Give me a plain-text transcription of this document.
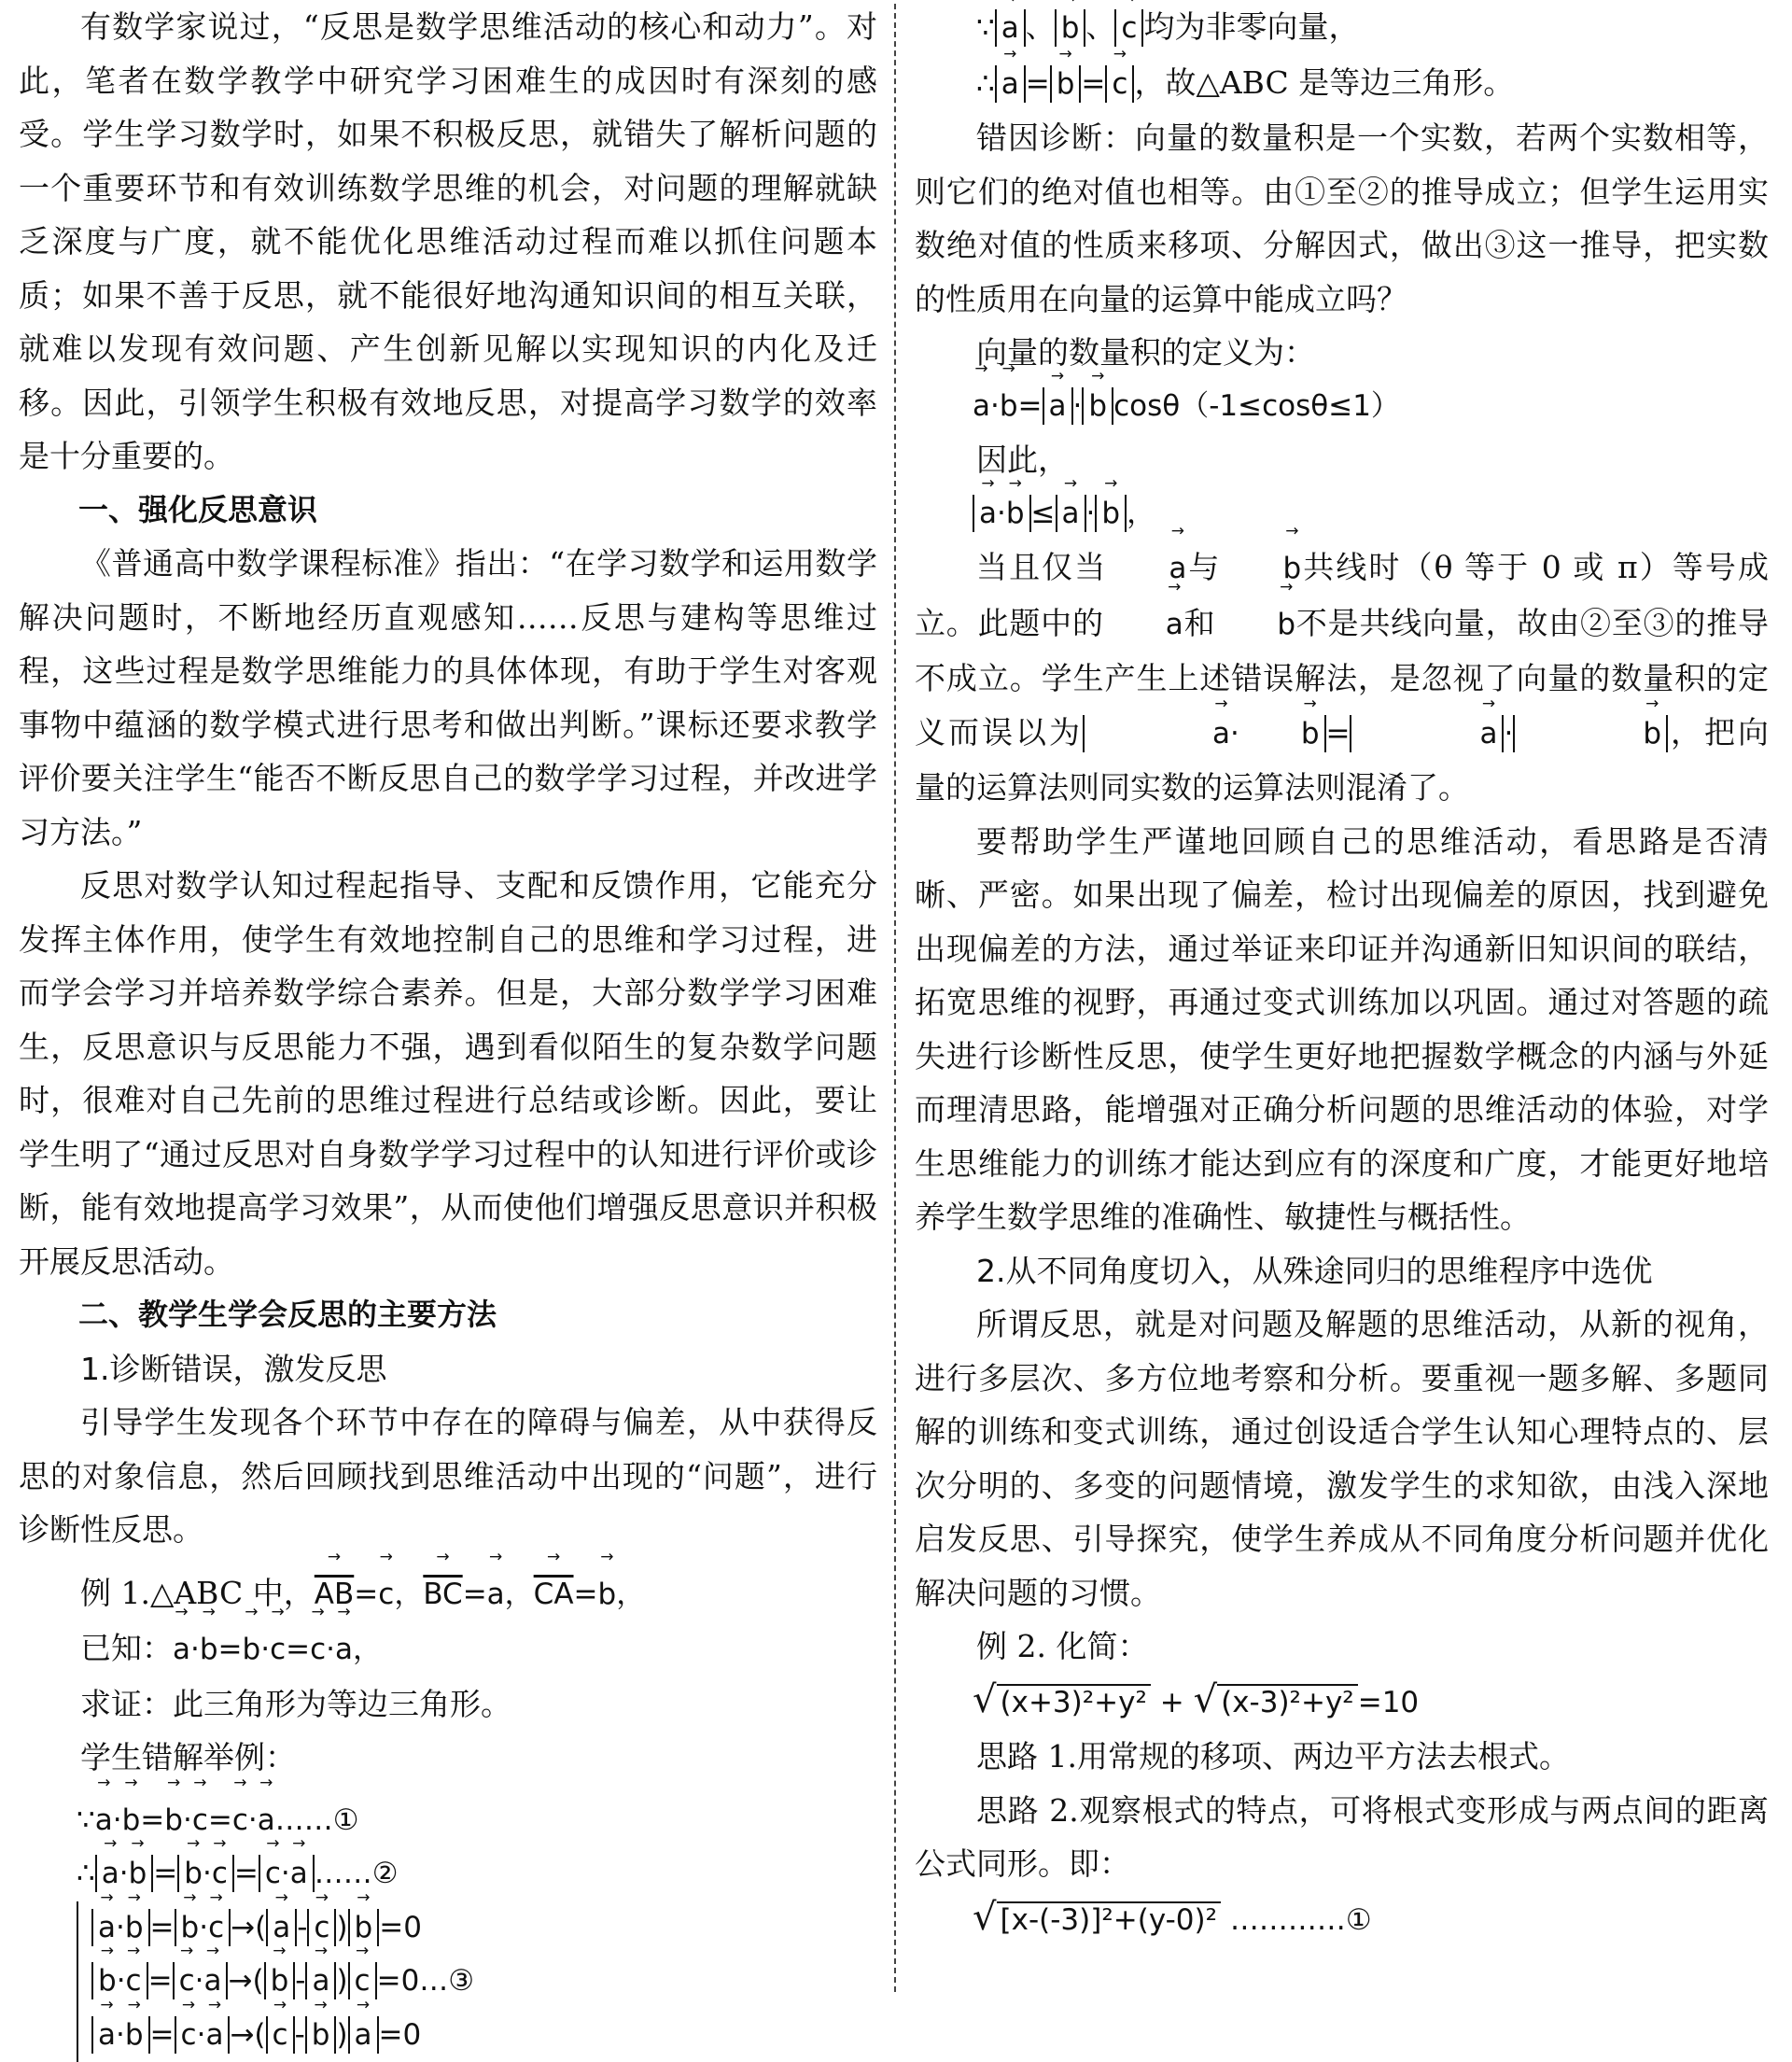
有数学家说过，“反思是数学思维活动的核心和动力”。对此，笔者在数学教学中研究学习困难生的成因时有深刻的感受。学生学习数学时，如果不积极反思，就错失了解析问题的一个重要环节和有效训练数学思维的机会，对问题的理解就缺乏深度与广度，就不能优化思维活动过程而难以抓住问题本质；如果不善于反思，就不能很好地沟通知识间的相互关联，就难以发现有效问题、产生创新见解以实现知识的内化及迁移。因此，引领学生积极有效地反思，对提高学习数学的效率是十分重要的。

一、强化反思意识

《普通高中数学课程标准》指出：“在学习数学和运用数学解决问题时，不断地经历直观感知……反思与建构等思维过程，这些过程是数学思维能力的具体体现，有助于学生对客观事物中蕴涵的数学模式进行思考和做出判断。”课标还要求教学评价要关注学生“能否不断反思自己的数学学习过程，并改进学习方法。”

反思对数学认知过程起指导、支配和反馈作用，它能充分发挥主体作用，使学生有效地控制自己的思维和学习过程，进而学会学习并培养数学综合素养。但是，大部分数学学习困难生，反思意识与反思能力不强，遇到看似陌生的复杂数学问题时，很难对自己先前的思维过程进行总结或诊断。因此，要让学生明了“通过反思对自身数学学习过程中的认知进行评价或诊断，能有效地提高学习效果”，从而使他们增强反思意识并积极开展反思活动。

二、教学生学会反思的主要方法

1.诊断错误，激发反思

引导学生发现各个环节中存在的障碍与偏差，从中获得反思的对象信息，然后回顾找到思维活动中出现的“问题”，进行诊断性反思。

例 1.△ABC 中，→ $\overline{AB}=\to c$，→ $\overline{BC}=\to a$，→ $\overline{CA}=\to b$，

已知：→ a·→ b=→ b·→ c=→ c·→ a，

求证：此三角形为等边三角形。

学生错解举例：

∵→ a·→ b=→ b·→ c=→ c·→ a……①

∴ → a·→ b = → b·→ c = → c·→ a ……②

→ a·→ b = → b·→ c →( → a - → c ) → b =0
→ b·→ c = → c·→ a →( → b - → a ) → c =0…③
→ a·→ b = → c·→ a →( → c - → b ) → a =0

∵ → a 、 → b 、 → c 均为非零向量，

∴ → a = → b = → c ，故△ABC 是等边三角形。

错因诊断：向量的数量积是一个实数，若两个实数相等，则它们的绝对值也相等。由①至②的推导成立；但学生运用实数绝对值的性质来移项、分解因式，做出③这一推导，把实数的性质用在向量的运算中能成立吗？

向量的数量积的定义为：

→ a·→ b= → a · → b cosθ（-1≤cosθ≤1）

因此，

→ a·→ b ≤ → a · → b ，

当且仅当 → a与 → b共线时（θ 等于 0 或 π）等号成立。此题中的 → a和 → b不是共线向量，故由②至③的推导不成立。学生产生上述错误解法，是忽视了向量的数量积的定义而误以为	→ a· → b =	→ a ·	→ b ，把向量的运算法则同实数的运算法则混淆了。

要帮助学生严谨地回顾自己的思维活动，看思路是否清晰、严密。如果出现了偏差，检讨出现偏差的原因，找到避免出现偏差的方法，通过举证来印证并沟通新旧知识间的联结，拓宽思维的视野，再通过变式训练加以巩固。通过对答题的疏失进行诊断性反思，使学生更好地把握数学概念的内涵与外延而理清思路，能增强对正确分析问题的思维活动的体验，对学生思维能力的训练才能达到应有的深度和广度，才能更好地培养学生数学思维的准确性、敏捷性与概括性。

2.从不同角度切入，从殊途同归的思维程序中选优

所谓反思，就是对问题及解题的思维活动，从新的视角，进行多层次、多方位地考察和分析。要重视一题多解、多题同解的训练和变式训练，通过创设适合学生认知心理特点的、层次分明的、多变的问题情境，激发学生的求知欲，由浅入深地启发反思、引导探究，使学生养成从不同角度分析问题并优化解决问题的习惯。

例 2. 化简：

√ (x+3)²+y² + √ (x-3)²+y² =10

思路 1.用常规的移项、两边平方法去根式。

思路 2.观察根式的特点，可将根式变形成与两点间的距离公式同形。即：

√ [x-(-3)]²+(y-0)² …………①
